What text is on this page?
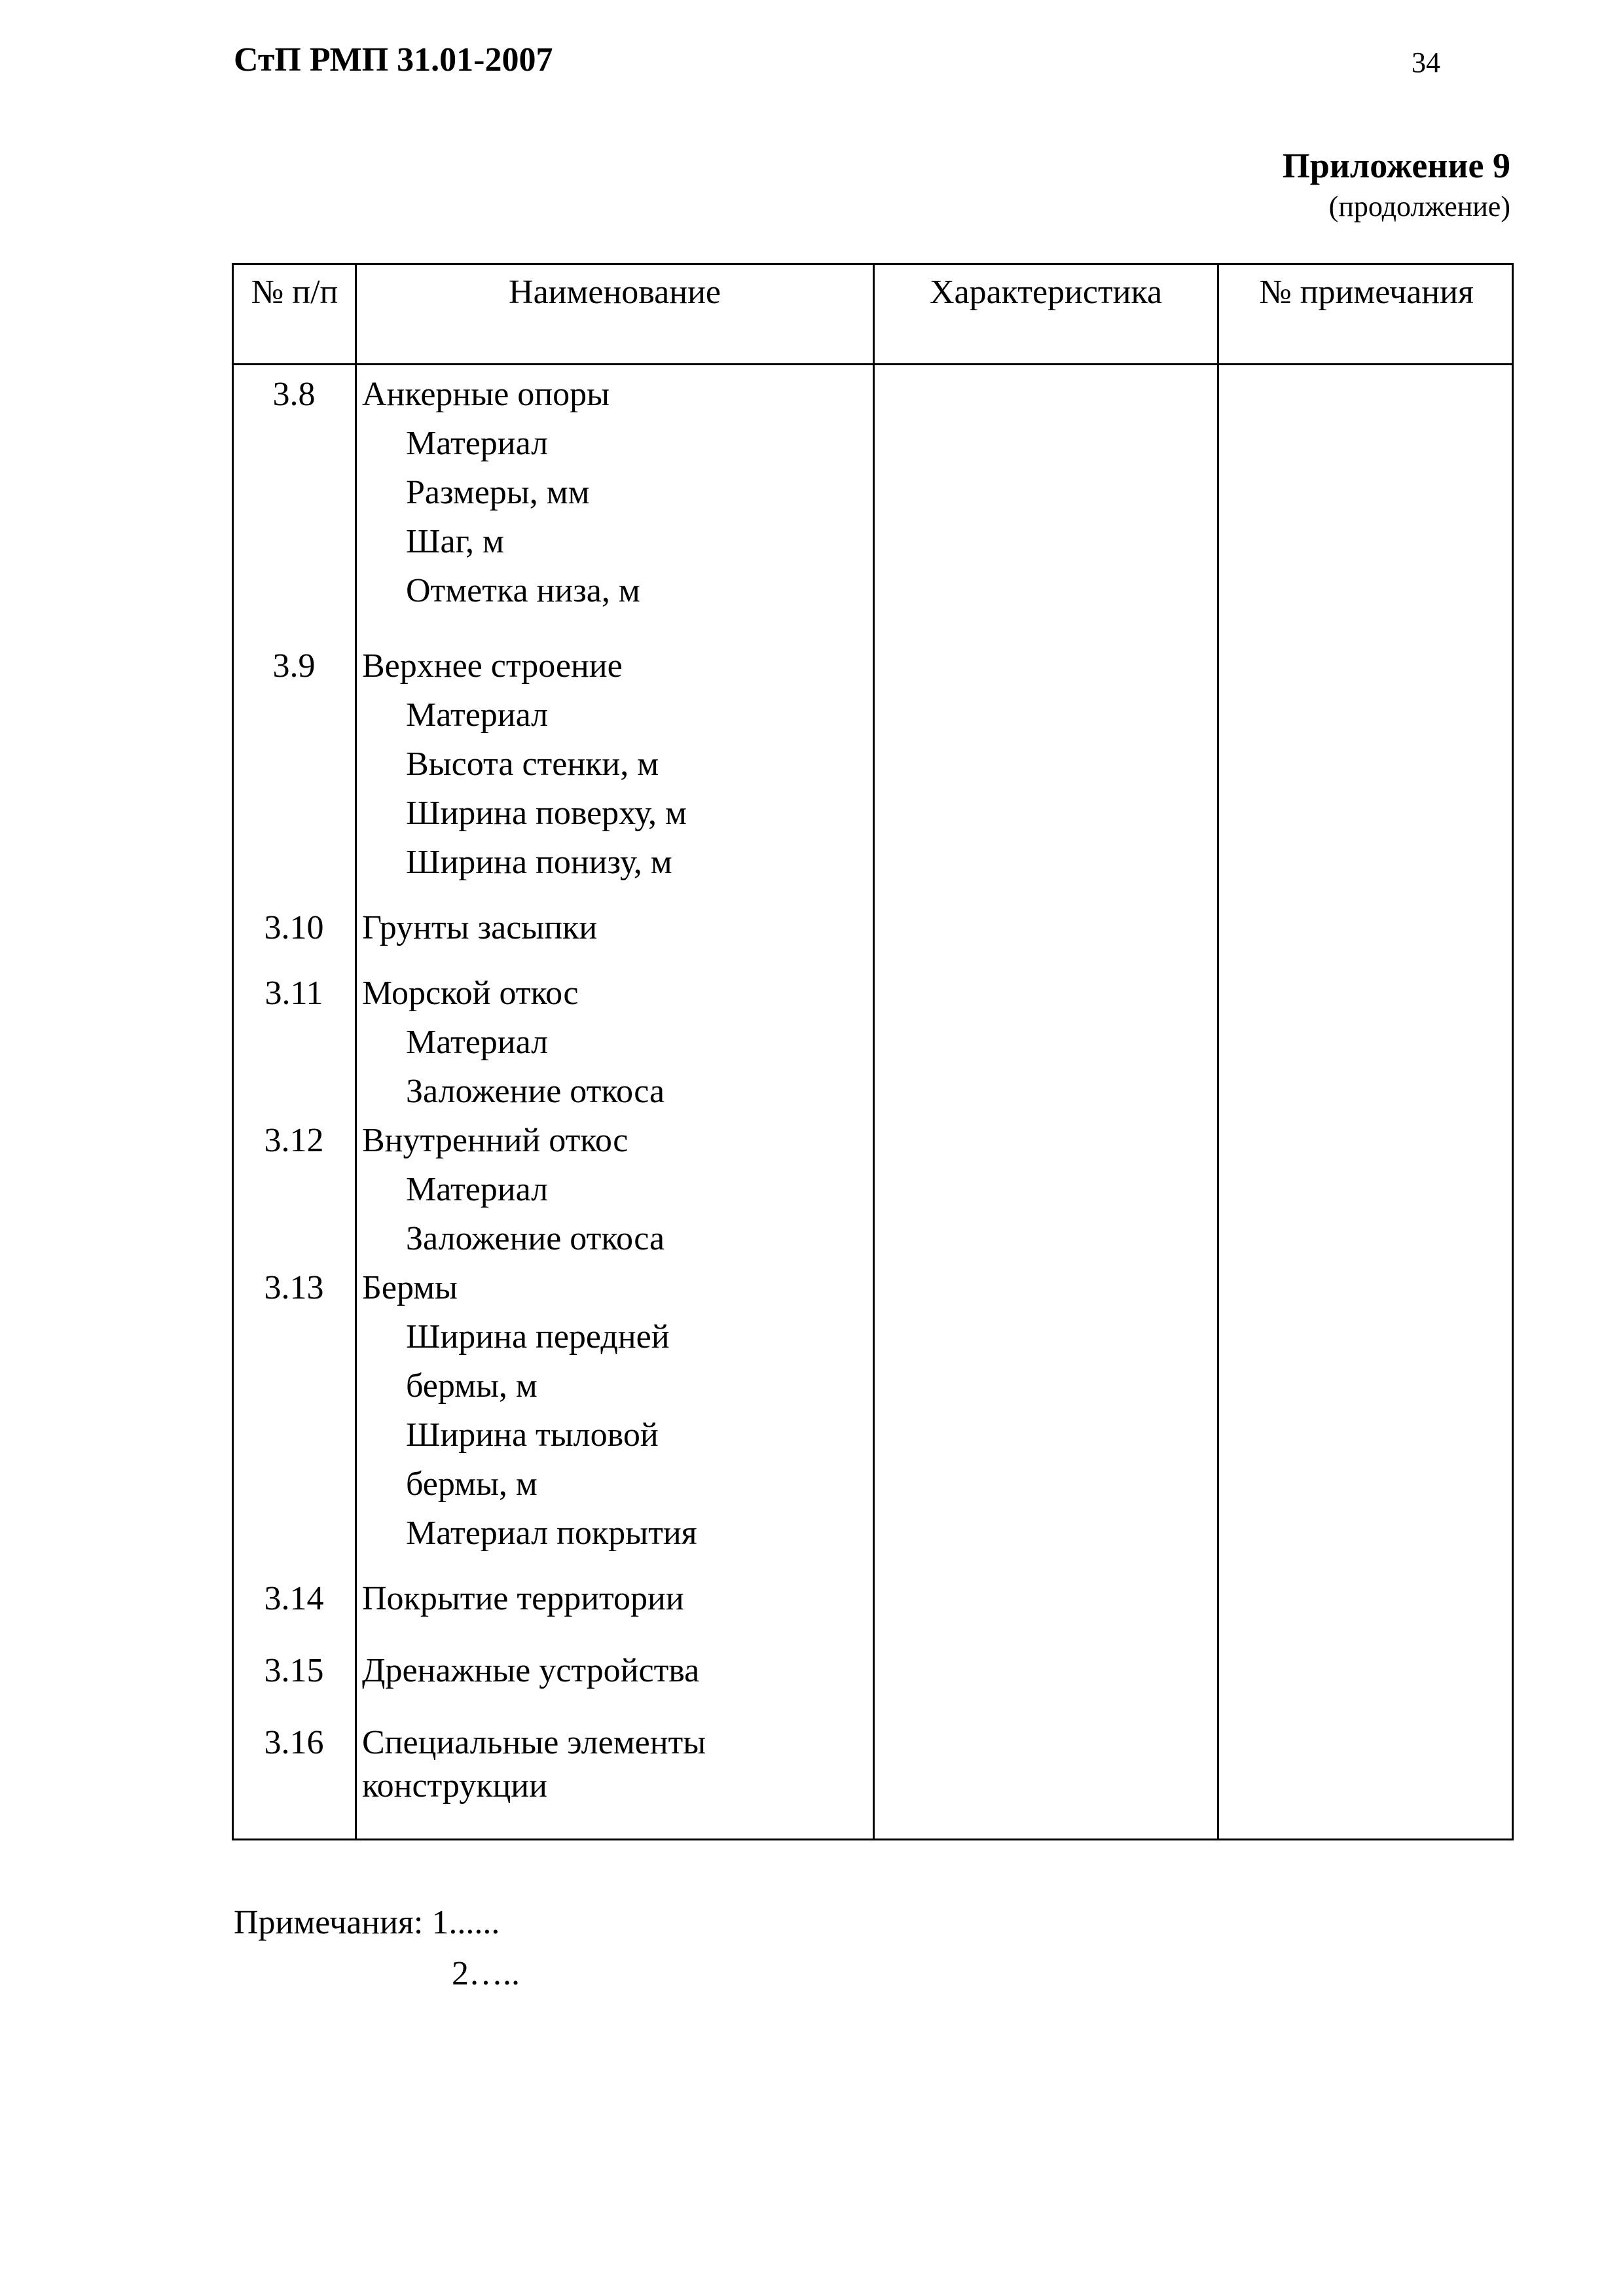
СтП РМП 31.01-2007	34
Приложение 9
(продолжение)
№ п/п	Наименование	Характеристика	№ примечания
3.8	Анкерные опоры
Материал
Размеры, мм
Шаг, м
Отметка низа, м
3.9	Верхнее строение
Материал
Высота стенки, м
Ширина поверху, м
Ширина понизу, м
3.10	Грунты засыпки
3.11	Морской откос
Материал
Заложение откоса
3.12	Внутренний откос
Материал
Заложение откоса
3.13	Бермы
Ширина передней
бермы, м
Ширина тыловой
бермы, м
Материал покрытия
3.14	Покрытие территории
3.15	Дренажные устройства
3.16	Специальные элементы
конструкции
Примечания: 1......
2…..
